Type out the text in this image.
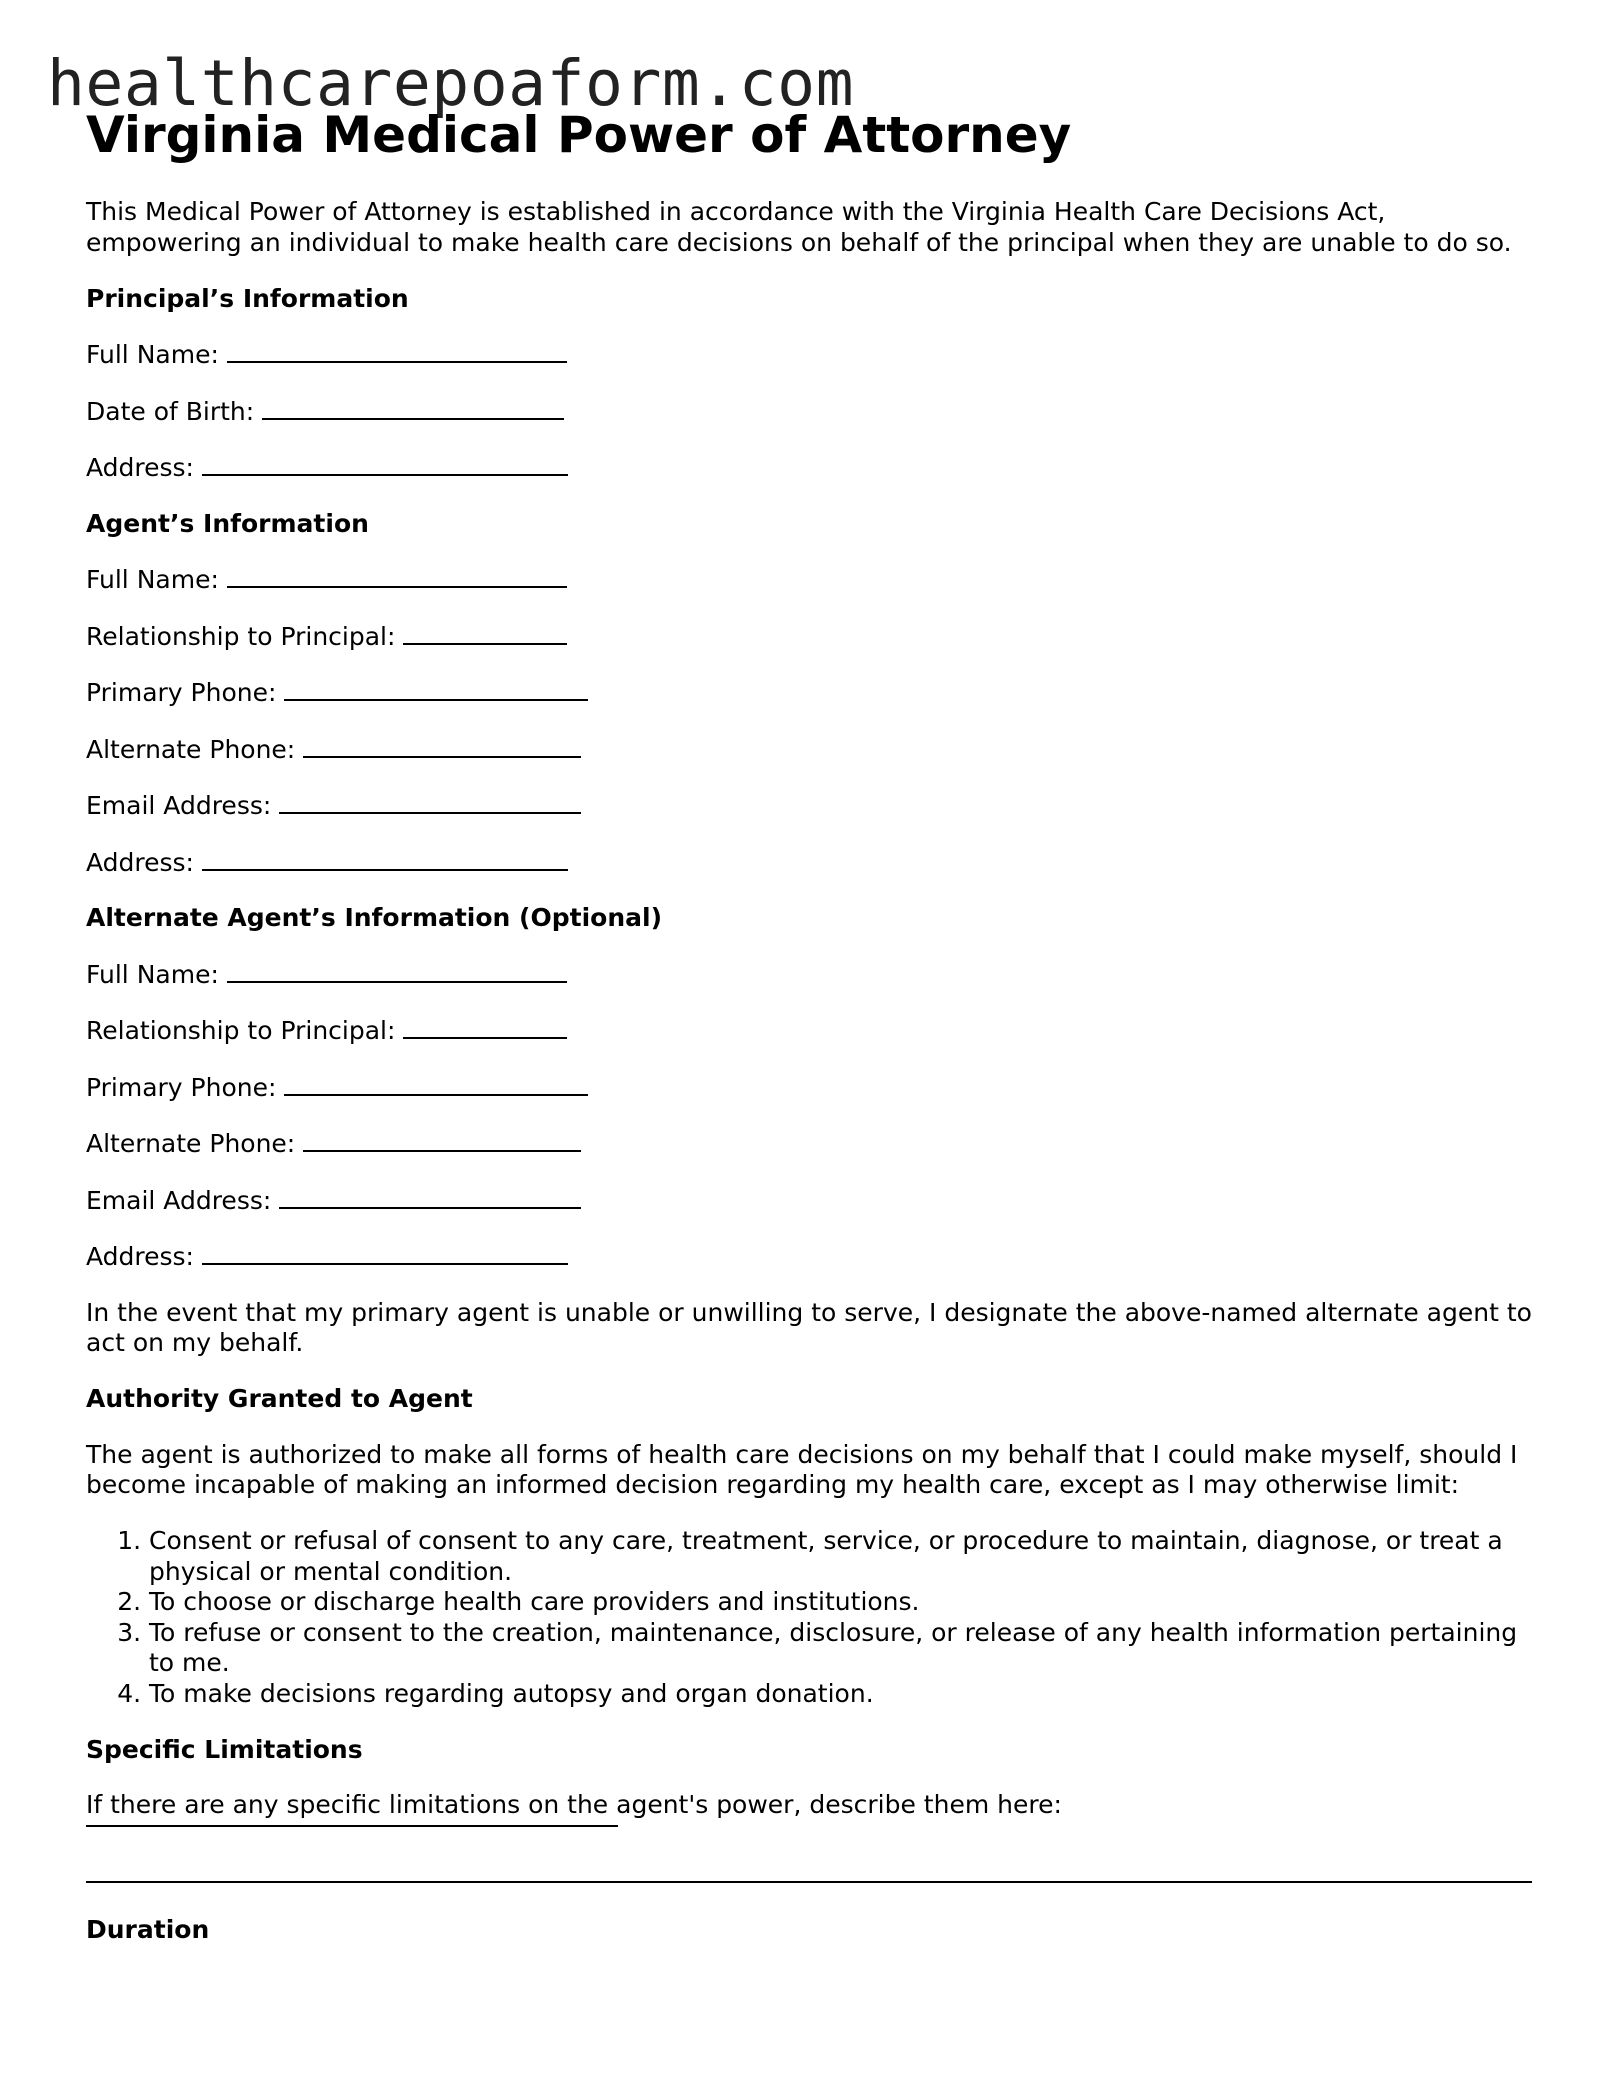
healthcarepoaform.com
Virginia Medical Power of Attorney
This Medical Power of Attorney is established in accordance with the Virginia Health Care Decisions Act, empowering an individual to make health care decisions on behalf of the principal when they are unable to do so.
Principal’s Information
Full Name:
Date of Birth:
Address:
Agent’s Information
Full Name:
Relationship to Principal:
Primary Phone:
Alternate Phone:
Email Address:
Address:
Alternate Agent’s Information (Optional)
Full Name:
Relationship to Principal:
Primary Phone:
Alternate Phone:
Email Address:
Address:
In the event that my primary agent is unable or unwilling to serve, I designate the above-named alternate agent to act on my behalf.
Authority Granted to Agent
The agent is authorized to make all forms of health care decisions on my behalf that I could make myself, should I become incapable of making an informed decision regarding my health care, except as I may otherwise limit:
1. Consent or refusal of consent to any care, treatment, service, or procedure to maintain, diagnose, or treat a physical or mental condition.
2. To choose or discharge health care providers and institutions.
3. To refuse or consent to the creation, maintenance, disclosure, or release of any health information pertaining to me.
4. To make decisions regarding autopsy and organ donation.
Specific Limitations
If there are any specific limitations on the agent's power, describe them here:
Duration
